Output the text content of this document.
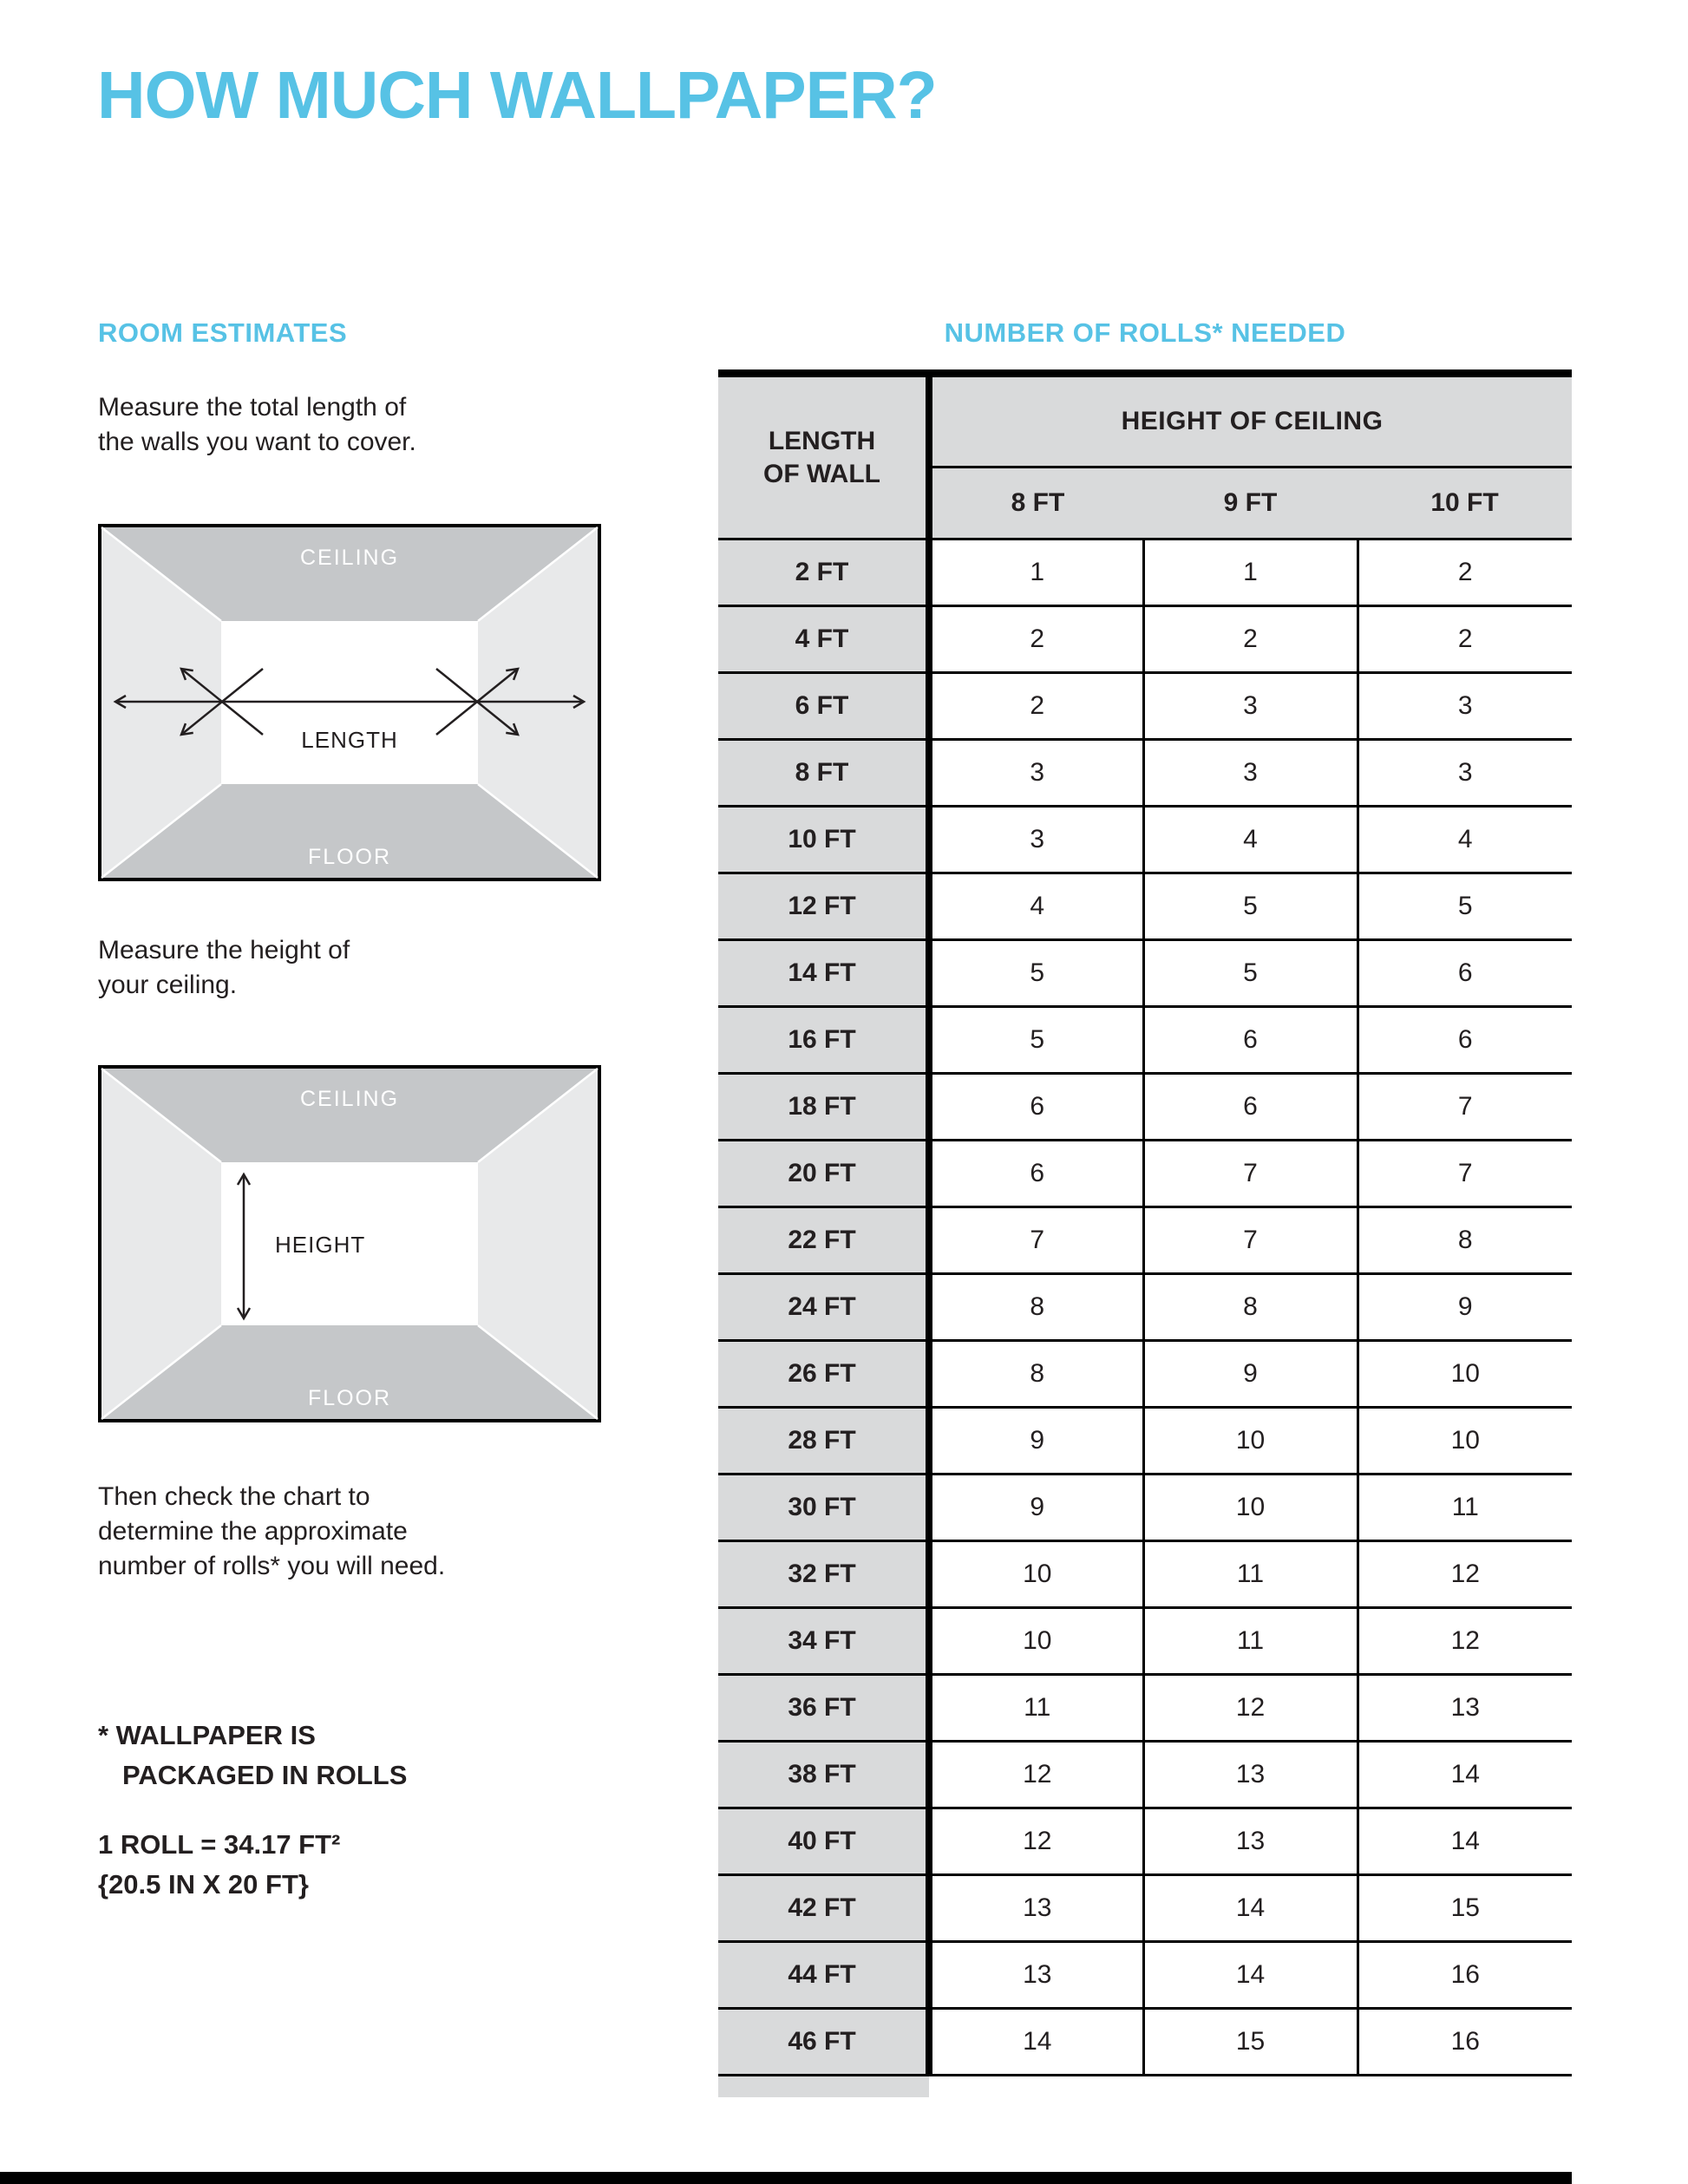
HOW MUCH WALLPAPER?
ROOM ESTIMATES

Measure the total length of
the walls you want to cover.

CEILING
FLOOR
LENGTH

Measure the height of
your ceiling.

CEILING
FLOOR
HEIGHT

Then check the chart to
determine the approximate
number of rolls* you will need.

* WALLPAPER IS
PACKAGED IN ROLLS

1 ROLL = 34.17 FT²
{20.5 IN X 20 FT}

NUMBER OF ROLLS* NEEDED
LENGTH
OF WALL	HEIGHT OF CEILING		
	8 FT	9 FT	10 FT
2 FT	1	1	2
4 FT	2	2	2
6 FT	2	3	3
8 FT	3	3	3
10 FT	3	4	4
12 FT	4	5	5
14 FT	5	5	6
16 FT	5	6	6
18 FT	6	6	7
20 FT	6	7	7
22 FT	7	7	8
24 FT	8	8	9
26 FT	8	9	10
28 FT	9	10	10
30 FT	9	10	11
32 FT	10	11	12
34 FT	10	11	12
36 FT	11	12	13
38 FT	12	13	14
40 FT	12	13	14
42 FT	13	14	15
44 FT	13	14	16
46 FT	14	15	16
